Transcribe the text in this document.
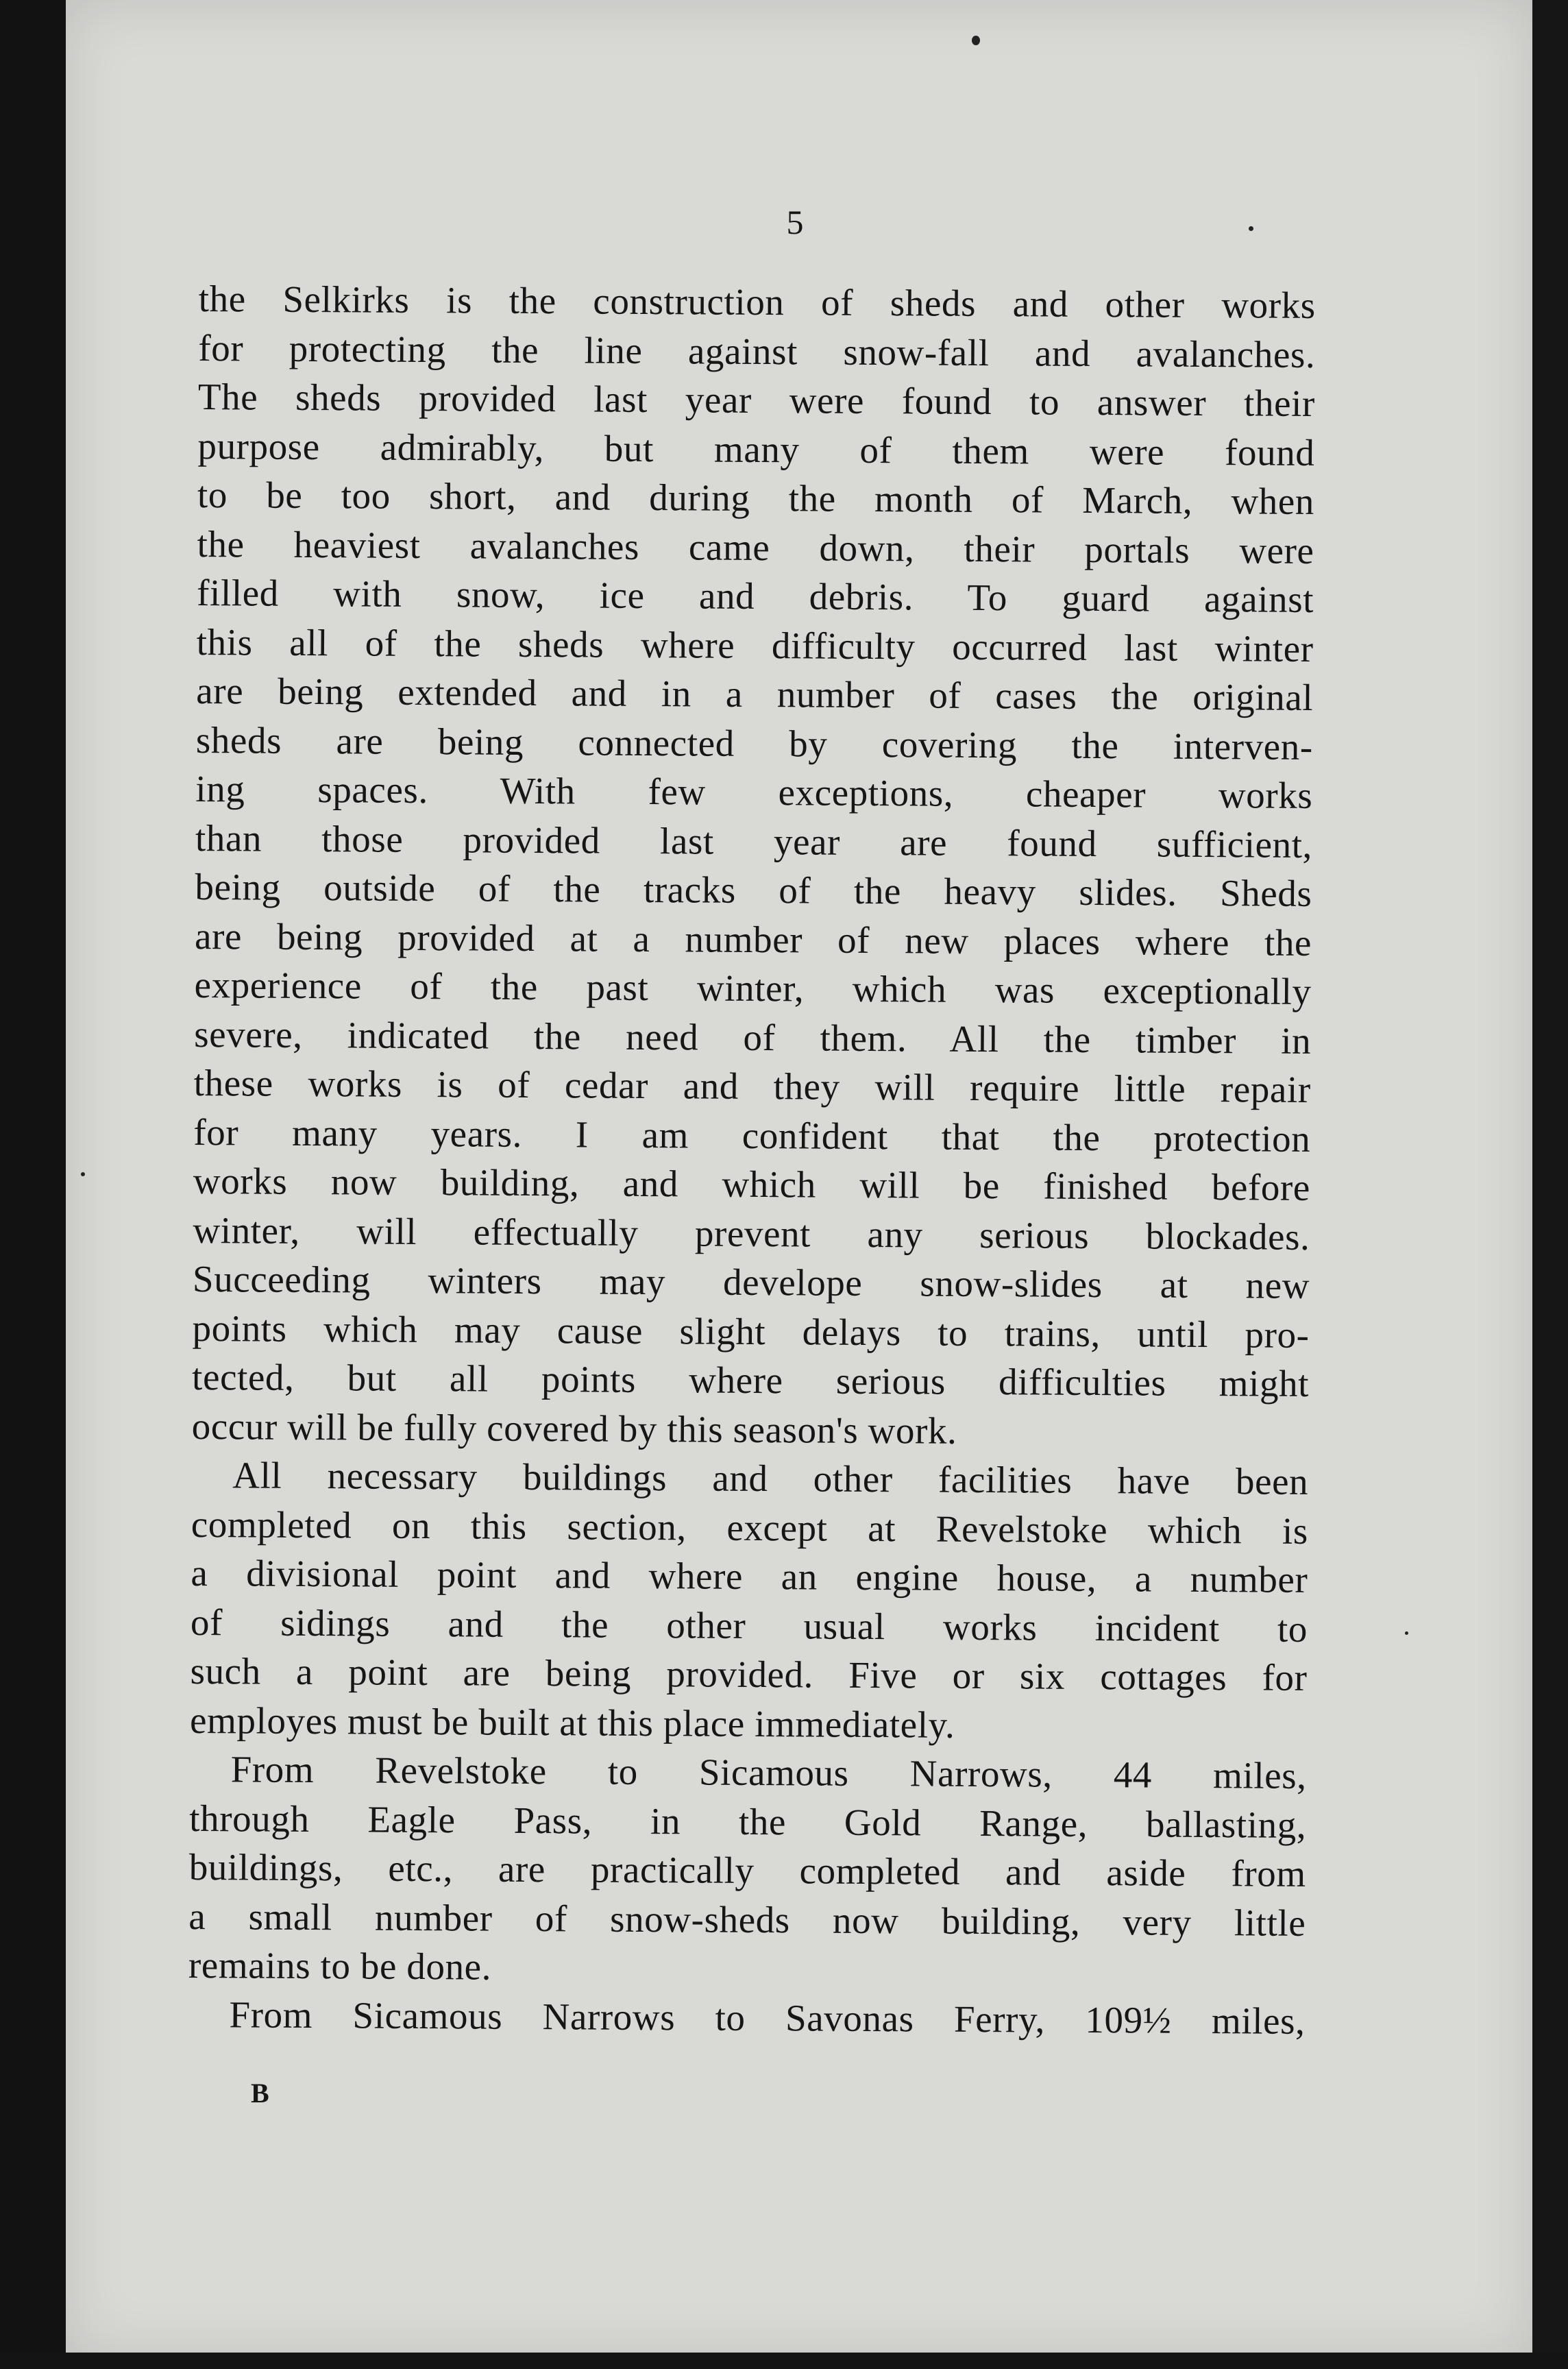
5
the Selkirks is the construction of sheds and other works
for protecting the line against snow-fall and avalanches.
The sheds provided last year were found to answer their
purpose admirably, but many of them were found
to be too short, and during the month of March, when
the heaviest avalanches came down, their portals were
filled with snow, ice and debris. To guard against
this all of the sheds where difficulty occurred last winter
are being extended and in a number of cases the original
sheds are being connected by covering the interven-
ing spaces. With few exceptions, cheaper works
than those provided last year are found sufficient,
being outside of the tracks of the heavy slides. Sheds
are being provided at a number of new places where the
experience of the past winter, which was exceptionally
severe, indicated the need of them. All the timber in
these works is of cedar and they will require little repair
for many years. I am confident that the protection
works now building, and which will be finished before
winter, will effectually prevent any serious blockades.
Succeeding winters may develope snow-slides at new
points which may cause slight delays to trains, until pro-
tected, but all points where serious difficulties might
occur will be fully covered by this season's work.
All necessary buildings and other facilities have been
completed on this section, except at Revelstoke which is
a divisional point and where an engine house, a number
of sidings and the other usual works incident to
such a point are being provided. Five or six cottages for
employes must be built at this place immediately.
From Revelstoke to Sicamous Narrows, 44 miles,
through Eagle Pass, in the Gold Range, ballasting,
buildings, etc., are practically completed and aside from
a small number of snow-sheds now building, very little
remains to be done.
From Sicamous Narrows to Savonas Ferry, 109½ miles,
B
